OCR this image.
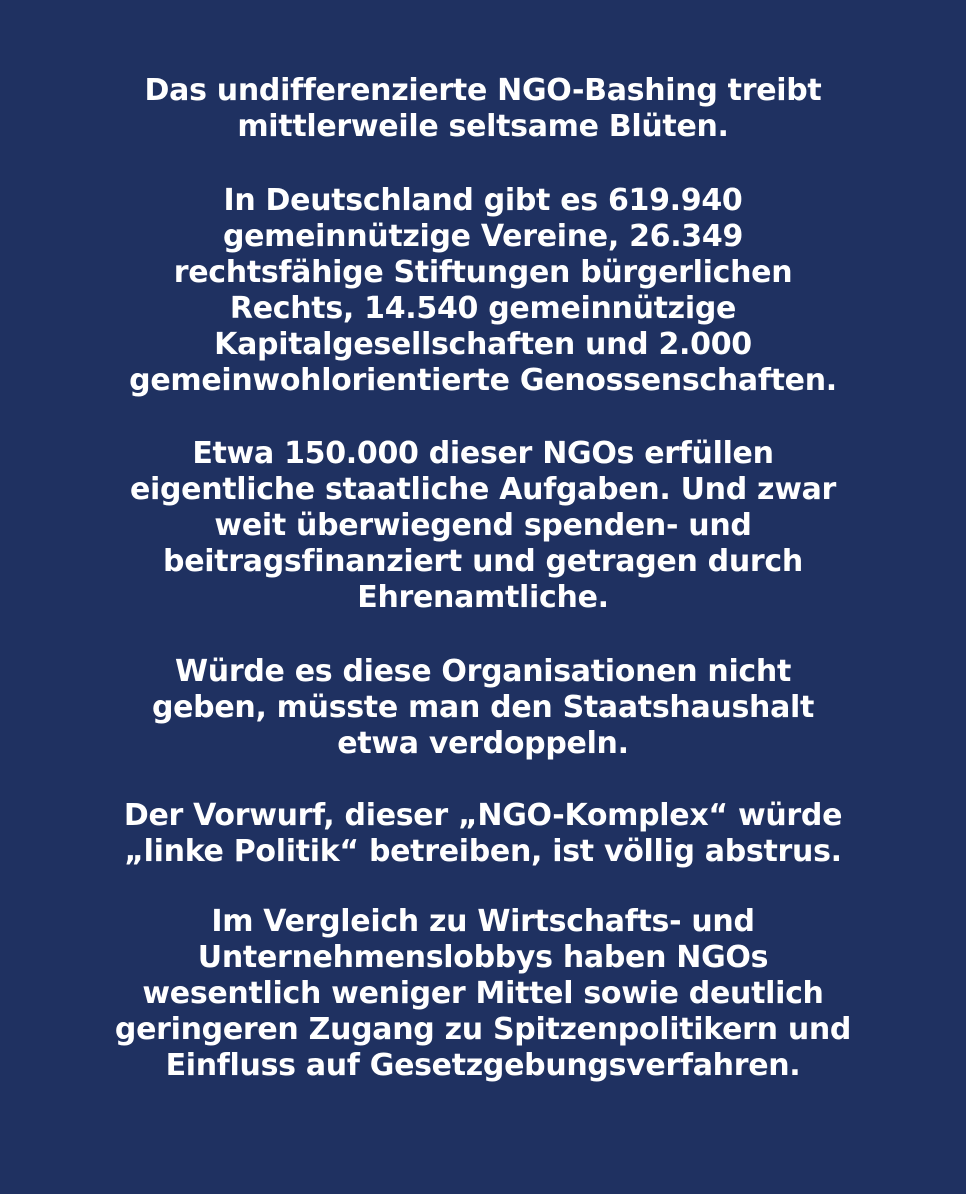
Das undifferenzierte NGO-Bashing treibt
mittlerweile seltsame Blüten.

In Deutschland gibt es 619.940
gemeinnützige Vereine, 26.349
rechtsfähige Stiftungen bürgerlichen
Rechts, 14.540 gemeinnützige
Kapitalgesellschaften und 2.000
gemeinwohlorientierte Genossenschaften.

Etwa 150.000 dieser NGOs erfüllen
eigentliche staatliche Aufgaben. Und zwar
weit überwiegend spenden- und
beitragsfinanziert und getragen durch
Ehrenamtliche.

Würde es diese Organisationen nicht
geben, müsste man den Staatshaushalt
etwa verdoppeln.

Der Vorwurf, dieser „NGO-Komplex“ würde
„linke Politik“ betreiben, ist völlig abstrus.

Im Vergleich zu Wirtschafts- und
Unternehmenslobbys haben NGOs
wesentlich weniger Mittel sowie deutlich
geringeren Zugang zu Spitzenpolitikern und
Einfluss auf Gesetzgebungsverfahren.
